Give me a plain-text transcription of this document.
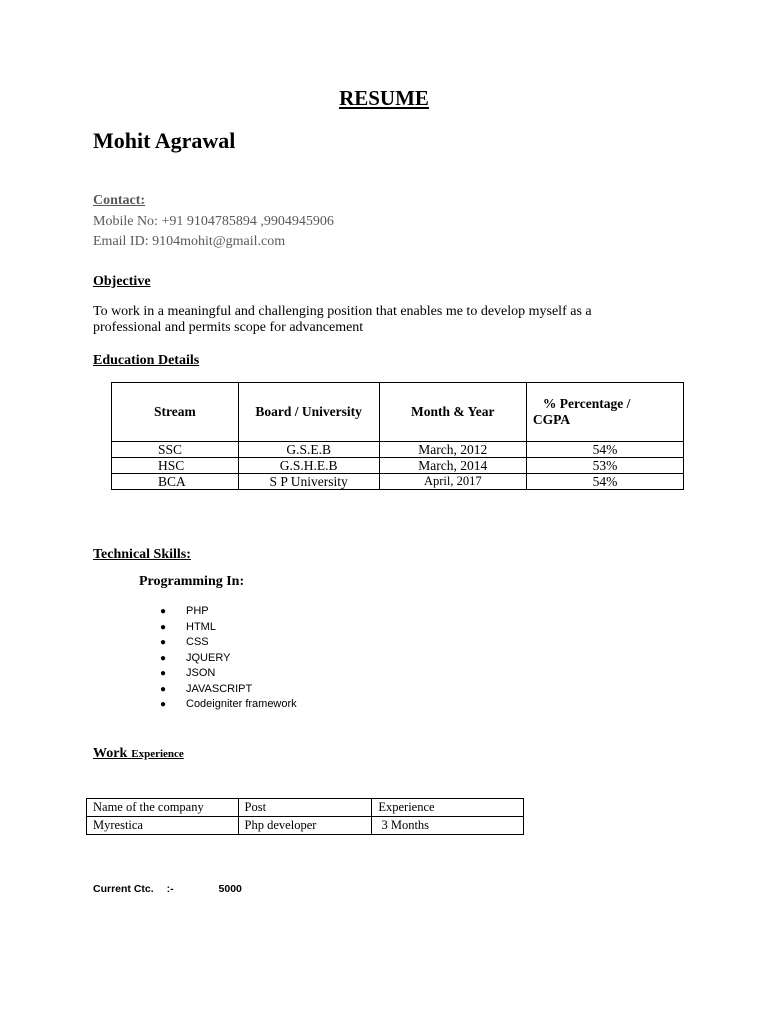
RESUME
Mohit Agrawal
Contact:
Mobile No: +91 9104785894 ,9904945906
Email ID: 9104mohit@gmail.com
Objective
To work in a meaningful and challenging position that enables me to develop myself as a
professional and permits scope for advancement
Education Details
Stream	Board / University	Month & Year	% Percentage /
CGPA

SSC	G.S.E.B	March, 2012	54%
HSC	G.S.H.E.B	March, 2014	53%
BCA	S P University	April, 2017	54%
Technical Skills:
Programming In:
● PHP
● HTML
● CSS
● JQUERY
● JSON
● JAVASCRIPT
● Codeigniter framework
Work Experience
Name of the company	Post	Experience
Myrestica	Php developer	3 Months
Current Ctc. :-	5000
